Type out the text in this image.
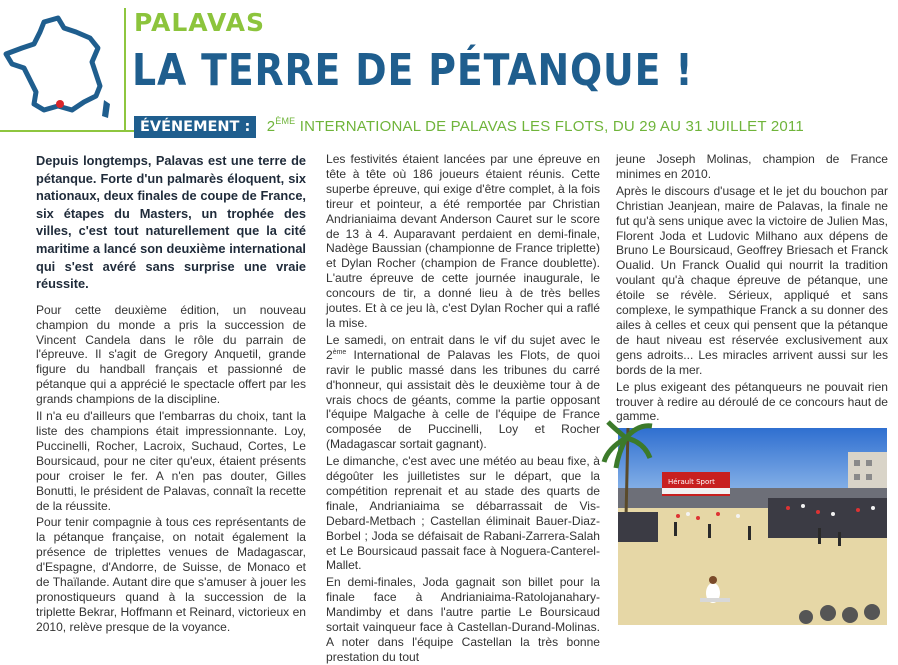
PALAVAS
LA TERRE DE PÉTANQUE !
ÉVÉNEMENT : 2ÈME INTERNATIONAL DE PALAVAS LES FLOTS, DU 29 AU 31 JUILLET 2011

Depuis longtemps, Palavas est une terre de pétanque. Forte d'un palmarès éloquent, six nationaux, deux finales de coupe de France, six étapes du Masters, un trophée des villes, c'est tout naturellement que la cité maritime a lancé son deuxième international qui s'est avéré sans surprise une vraie réussite.

Pour cette deuxième édition, un nouveau champion du monde a pris la succession de Vincent Candela dans le rôle du parrain de l'épreuve. Il s'agit de Gregory Anquetil, grande figure du handball français et passionné de pétanque qui a apprécié le spectacle offert par les grands champions de la discipline.

Il n'a eu d'ailleurs que l'embarras du choix, tant la liste des champions était impressionnante. Loy, Puccinelli, Rocher, Lacroix, Suchaud, Cortes, Le Boursicaud, pour ne citer qu'eux, étaient présents pour croiser le fer. A n'en pas douter, Gilles Bonutti, le président de Palavas, connaît la recette de la réussite.

Pour tenir compagnie à tous ces représentants de la pétanque française, on notait également la présence de triplettes venues de Madagascar, d'Espagne, d'Andorre, de Suisse, de Monaco et de Thaïlande. Autant dire que s'amuser à jouer les pronostiqueurs quand à la succession de la triplette Bekrar, Hoffmann et Reinard, victorieux en 2010, relève presque de la voyance.

Les festivités étaient lancées par une épreuve en tête à tête où 186 joueurs étaient réunis. Cette superbe épreuve, qui exige d'être complet, à la fois tireur et pointeur, a été remportée par Christian Andrianiaima devant Anderson Cauret sur le score de 13 à 4. Auparavant perdaient en demi-finale, Nadège Baussian (championne de France triplette) et Dylan Rocher (champion de France doublette). L'autre épreuve de cette journée inaugurale, le concours de tir, a donné lieu à de très belles joutes. Et à ce jeu là, c'est Dylan Rocher qui a raflé la mise.

Le samedi, on entrait dans le vif du sujet avec le 2ème International de Palavas les Flots, de quoi ravir le public massé dans les tribunes du carré d'honneur, qui assistait dès le deuxième tour à de vrais chocs de géants, comme la partie opposant l'équipe Malgache à celle de l'équipe de France composée de Puccinelli, Loy et Rocher (Madagascar sortait gagnant).

Le dimanche, c'est avec une météo au beau fixe, à dégoûter les juilletistes sur le départ, que la compétition reprenait et au stade des quarts de finale, Andrianiaima se débarrassait de Vis-Debard-Metbach ; Castellan éliminait Bauer-Diaz-Borbel ; Joda se défaisait de Rabani-Zarrera-Salah et Le Boursicaud passait face à Noguera-Canterel-Mallet.

En demi-finales, Joda gagnait son billet pour la finale face à Andrianiaima-Ratolojanahary-Mandimby et dans l'autre partie Le Boursicaud sortait vainqueur face à Castellan-Durand-Molinas. A noter dans l'équipe Castellan la très bonne prestation du tout

jeune Joseph Molinas, champion de France minimes en 2010.

Après le discours d'usage et le jet du bouchon par Christian Jeanjean, maire de Palavas, la finale ne fut qu'à sens unique avec la victoire de Julien Mas, Florent Joda et Ludovic Milhano aux dépens de Bruno Le Boursicaud, Geoffrey Briesach et Franck Oualid. Un Franck Oualid qui nourrit la tradition voulant qu'à chaque épreuve de pétanque, une étoile se révèle. Sérieux, appliqué et sans complexe, le sympathique Franck a su donner des ailes à celles et ceux qui pensent que la pétanque de haut niveau est réservée exclusivement aux gens adroits... Les miracles arrivent aussi sur les bords de la mer.

Le plus exigeant des pétanqueurs ne pouvait rien trouver à redire au déroulé de ce concours haut de gamme.

Hérault Sport
